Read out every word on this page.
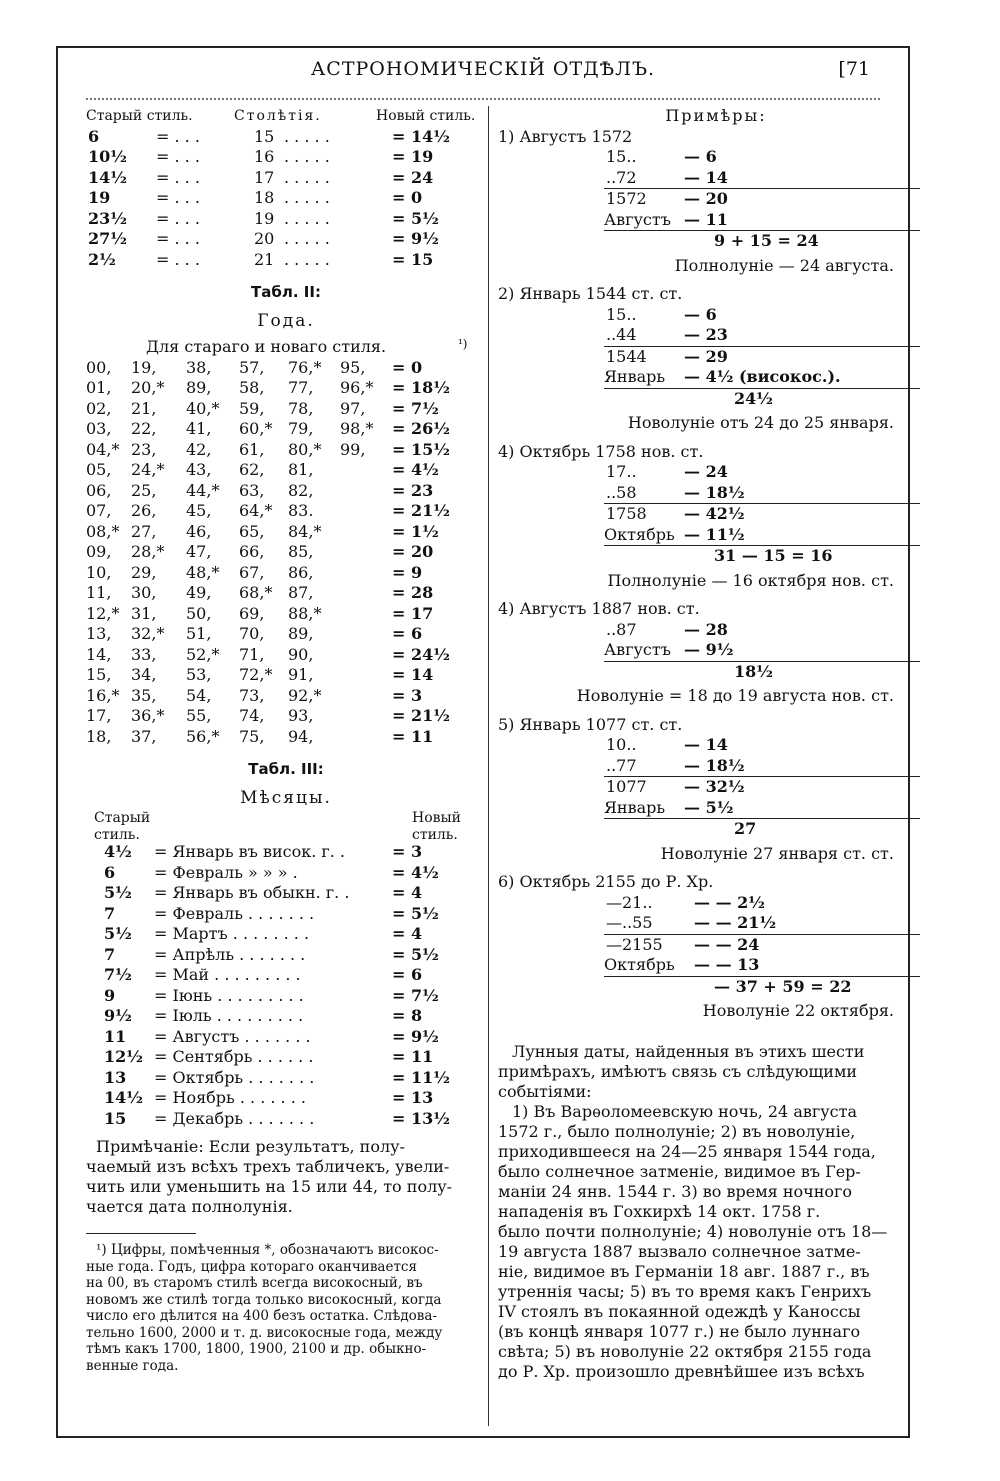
АСТРОНОМИЧЕСКІЙ ОТДѢЛЪ.	[71
Старый стиль.	Столѣтія.	Новый стиль.
6	= . . .	15 . . . . .	= 14½
10½ = . . .	16 . . . . .	= 19
14½ = . . .	17 . . . . .	= 24
19	= . . .	18 . . . . .	= 0
23½ = . . .	19 . . . . .	= 5½
27½ = . . .	20 . . . . .	= 9½
2½	= . . .	21 . . . . .	= 15
Табл. II:
Года.
Для стараго и новаго стиля.	¹)
00, 19, 38, 57, 76,* 95, = 0
01, 20,* 89, 58, 77, 96,* = 18½
02, 21, 40,* 59, 78, 97, = 7½
03, 22, 41, 60,* 79, 98,* = 26½
04,* 23, 42, 61, 80,* 99, = 15½
05, 24,* 43, 62, 81,	= 4½
06, 25, 44,* 63, 82,	= 23
07, 26, 45, 64,* 83.	= 21½
08,* 27, 46, 65, 84,*	= 1½
09, 28,* 47, 66, 85,	= 20
10, 29, 48,* 67, 86,	= 9
11, 30, 49, 68,* 87,	= 28
12,* 31, 50, 69, 88,*	= 17
13, 32,* 51, 70, 89,	= 6
14, 33, 52,* 71, 90,	= 24½
15, 34, 53, 72,* 91,	= 14
16,* 35, 54, 73, 92,*	= 3
17, 36,* 55, 74, 93,	= 21½
18, 37, 56,* 75, 94,	= 11
Табл. III:
Мѣсяцы.
Старый	Новый
стиль.	стиль.
4½ = Январь въ висок. г. .	= 3
6 = Февраль » » » .	= 4½
5½ = Январь въ обыкн. г. .	= 4
7 = Февраль . . . . . . .	= 5½
5½ = Мартъ . . . . . . . .	= 4
7 = Апрѣль . . . . . . .	= 5½
7½ = Май . . . . . . . . .	= 6
9 = Іюнь . . . . . . . . .	= 7½
9½ = Іюль . . . . . . . . .	= 8
11 = Августъ . . . . . . .	= 9½
12½ = Сентябрь . . . . . .	= 11
13 = Октябрь . . . . . . .	= 11½
14½ = Ноябрь . . . . . . .	= 13
15 = Декабрь . . . . . . .	= 13½
Примѣчаніе: Если результатъ, полу-
чаемый изъ всѣхъ трехъ табличекъ, увели-
чить или уменьшить на 15 или 44, то полу-
чается дата полнолунія.
¹) Цифры, помѣченныя *, обозначаютъ високос-
ные года. Годъ, цифра котораго оканчивается
на 00, въ старомъ стилѣ всегда високосный, въ
новомъ же стилѣ тогда только високосный, когда
число его дѣлится на 400 безъ остатка. Слѣдова-
тельно 1600, 2000 и т. д. високосные года, между
тѣмъ какъ 1700, 1800, 1900, 2100 и др. обыкно-
венные года.
Примѣры:
1) Августъ 1572
15..	— 6
..72	— 14
1572 — 20
Августъ — 11
9 + 15 = 24
Полнолуніе — 24 августа.
2) Январь 1544 ст. ст.
15..	— 6
..44	— 23
1544 — 29
Январь — 4½ (високос.).
24½
Новолуніе отъ 24 до 25 января.
4) Октябрь 1758 нов. ст.
17..	— 24
..58	— 18½
1758 — 42½
Октябрь — 11½
31 — 15 = 16
Полнолуніе — 16 октября нов. ст.
4) Августъ 1887 нов. ст.
..87	— 28
Августъ — 9½
18½
Новолуніе = 18 до 19 августа нов. ст.
5) Январь 1077 ст. ст.
10..	— 14
..77	— 18½
1077 — 32½
Январь — 5½
27
Новолуніе 27 января ст. ст.
6) Октябрь 2155 до Р. Хр.
—21..	— — 2½
—..55	— — 21½
—2155 — — 24
Октябрь — — 13
— 37 + 59 = 22
Новолуніе 22 октября.
Лунныя даты, найденныя въ этихъ шести
примѣрахъ, имѣютъ связь съ слѣдующими
событіями:
1) Въ Варѳоломеевскую ночь, 24 августа
1572 г., было полнолуніе; 2) въ новолуніе,
приходившееся на 24—25 января 1544 года,
было солнечное затменіе, видимое въ Гер-
маніи 24 янв. 1544 г. 3) во время ночного
нападенія въ Гохкирхѣ 14 окт. 1758 г.
было почти полнолуніе; 4) новолуніе отъ 18—
19 августа 1887 вызвало солнечное затме-
ніе, видимое въ Германіи 18 авг. 1887 г., въ
утреннія часы; 5) въ то время какъ Генрихъ
IV стоялъ въ покаянной одеждѣ у Каноссы
(въ концѣ января 1077 г.) не было луннаго
свѣта; 5) въ новолуніе 22 октября 2155 года
до Р. Хр. произошло древнѣйшее изъ всѣхъ
